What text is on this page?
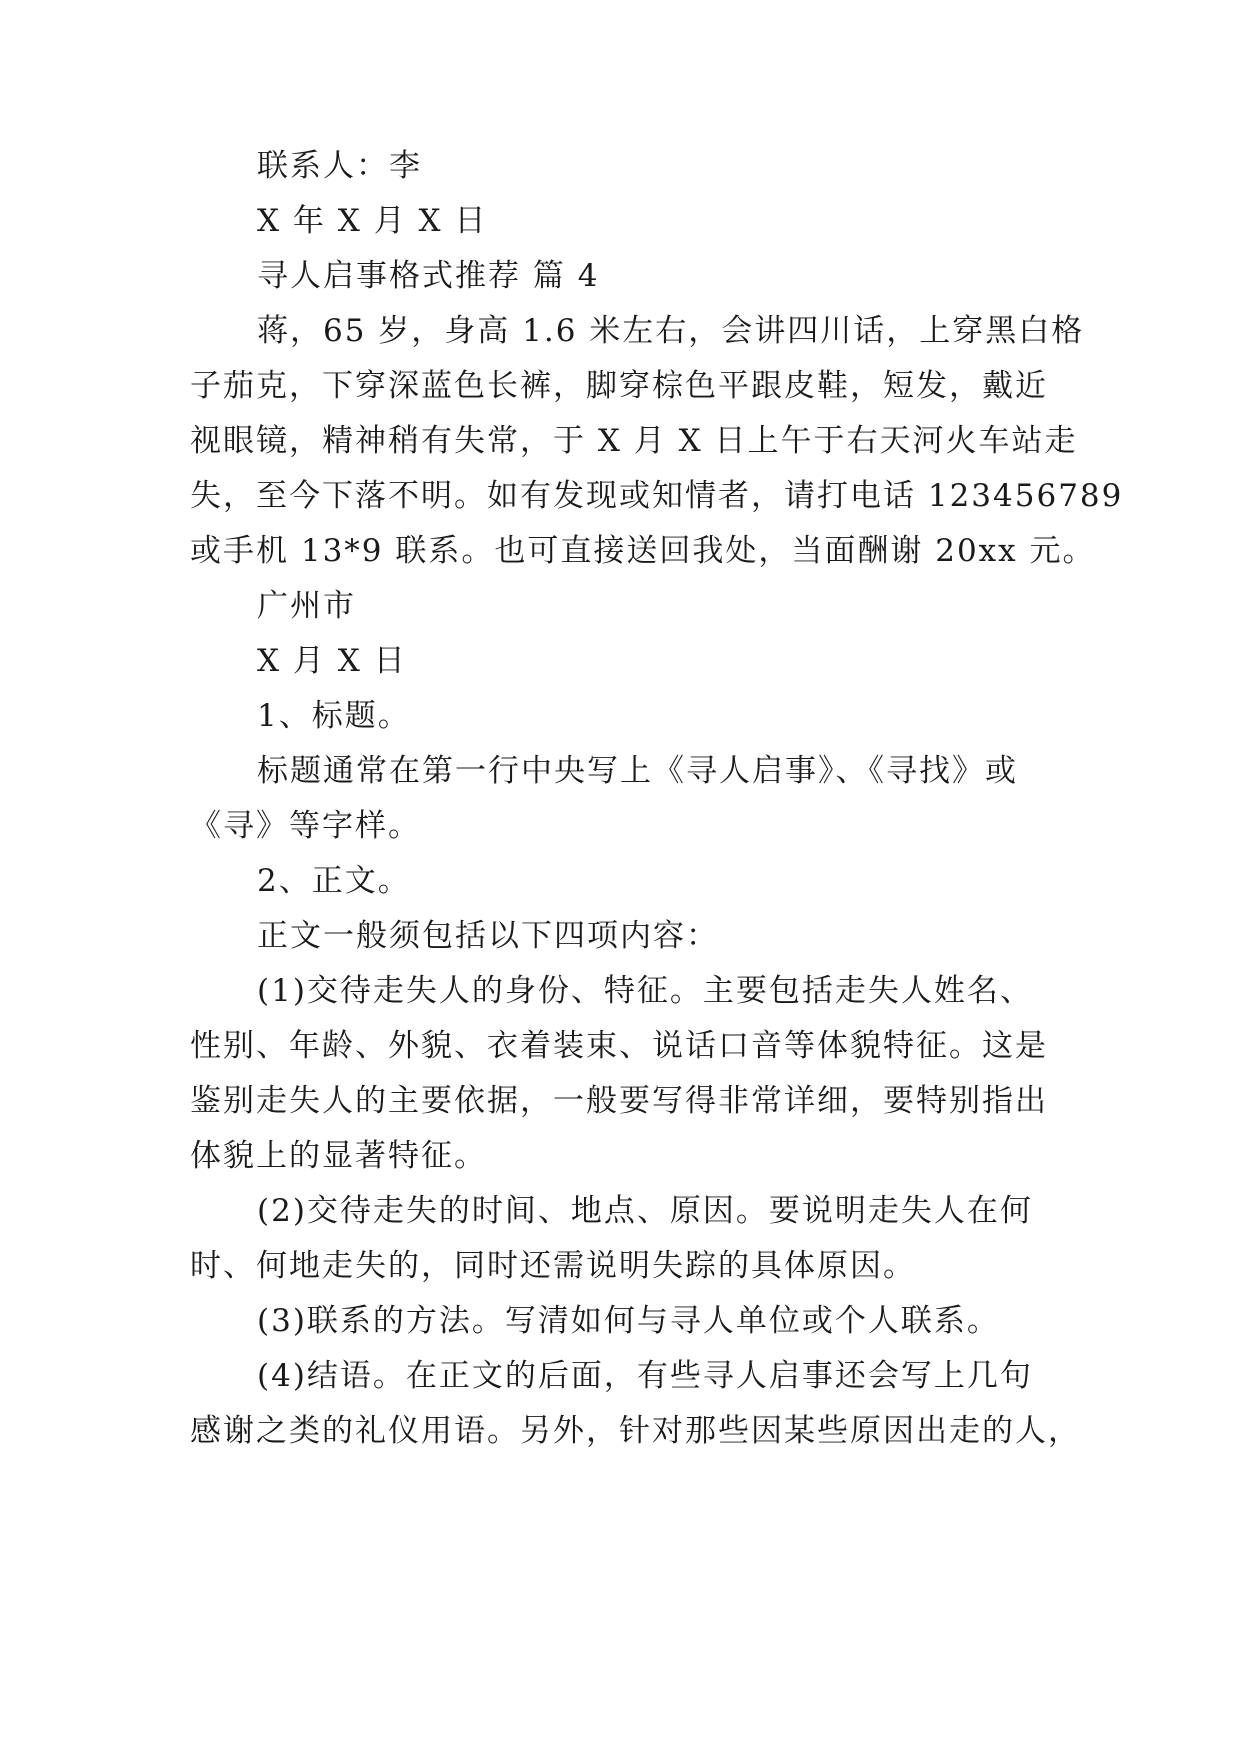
联系人：李
X 年 X 月 X 日
寻人启事格式推荐 篇 4
蒋，65 岁，身高 1.6 米左右，会讲四川话，上穿黑白格
子茄克，下穿深蓝色长裤，脚穿棕色平跟皮鞋，短发，戴近
视眼镜，精神稍有失常，于 X 月 X 日上午于右天河火车站走
失，至今下落不明。如有发现或知情者，请打电话 123456789
或手机 13*9 联系。也可直接送回我处，当面酬谢 20xx 元。
广州市
X 月 X 日
1、标题。
标题通常在第一行中央写上《寻人启事》、《寻找》或
《寻》等字样。
2、正文。
正文一般须包括以下四项内容：
(1)交待走失人的身份、特征。主要包括走失人姓名、
性别、年龄、外貌、衣着装束、说话口音等体貌特征。这是
鉴别走失人的主要依据，一般要写得非常详细，要特别指出
体貌上的显著特征。
(2)交待走失的时间、地点、原因。要说明走失人在何
时、何地走失的，同时还需说明失踪的具体原因。
(3)联系的方法。写清如何与寻人单位或个人联系。
(4)结语。在正文的后面，有些寻人启事还会写上几句
感谢之类的礼仪用语。另外，针对那些因某些原因出走的人，
